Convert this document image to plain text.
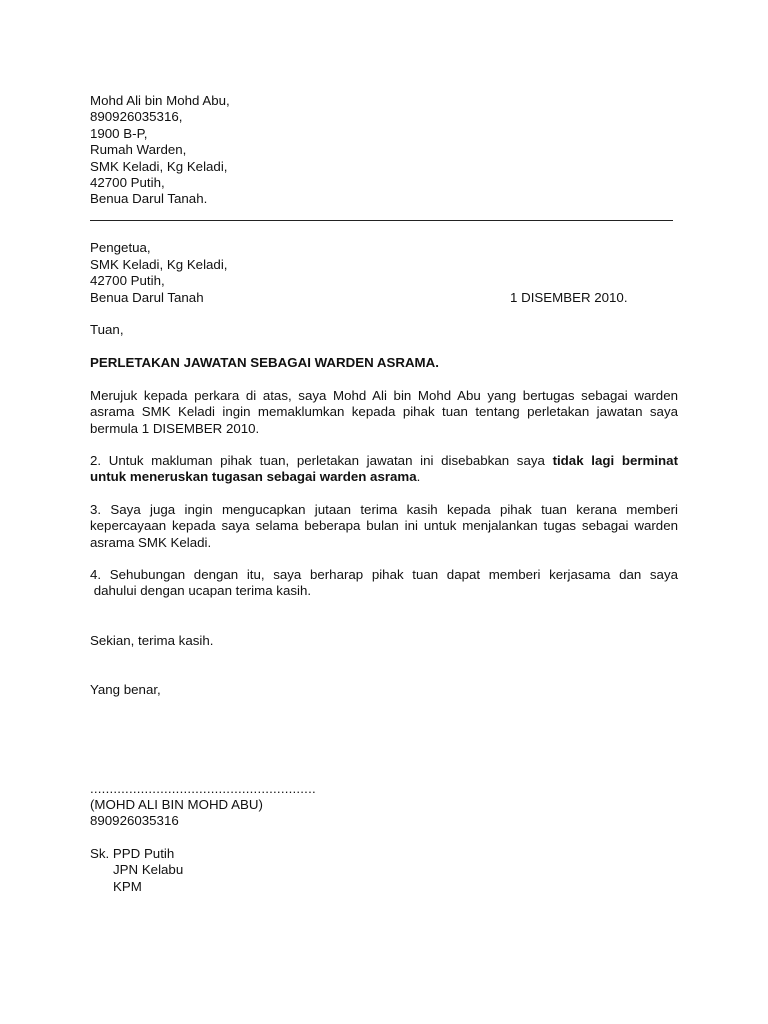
Mohd Ali bin Mohd Abu,
890926035316,
1900 B-P,
Rumah Warden,
SMK Keladi, Kg Keladi,
42700 Putih,
Benua Darul Tanah.
Pengetua,
SMK Keladi, Kg Keladi,
42700 Putih,
Benua Darul Tanah	1 DISEMBER 2010.
Tuan,
PERLETAKAN JAWATAN SEBAGAI WARDEN ASRAMA.
Merujuk kepada perkara di atas, saya Mohd Ali bin Mohd Abu yang bertugas sebagai warden
asrama SMK Keladi ingin memaklumkan kepada pihak tuan tentang perletakan jawatan saya
bermula 1 DISEMBER 2010.
2. Untuk makluman pihak tuan, perletakan jawatan ini disebabkan saya tidak lagi berminat
untuk meneruskan tugasan sebagai warden asrama.
3. Saya juga ingin mengucapkan jutaan terima kasih kepada pihak tuan kerana memberi
kepercayaan kepada saya selama beberapa bulan ini untuk menjalankan tugas sebagai warden
asrama SMK Keladi.
4. Sehubungan dengan itu, saya berharap pihak tuan dapat memberi kerjasama dan saya
dahului dengan ucapan terima kasih.
Sekian, terima kasih.
Yang benar,
..........................................................
(MOHD ALI BIN MOHD ABU)
890926035316
Sk. PPD Putih
JPN Kelabu
KPM
